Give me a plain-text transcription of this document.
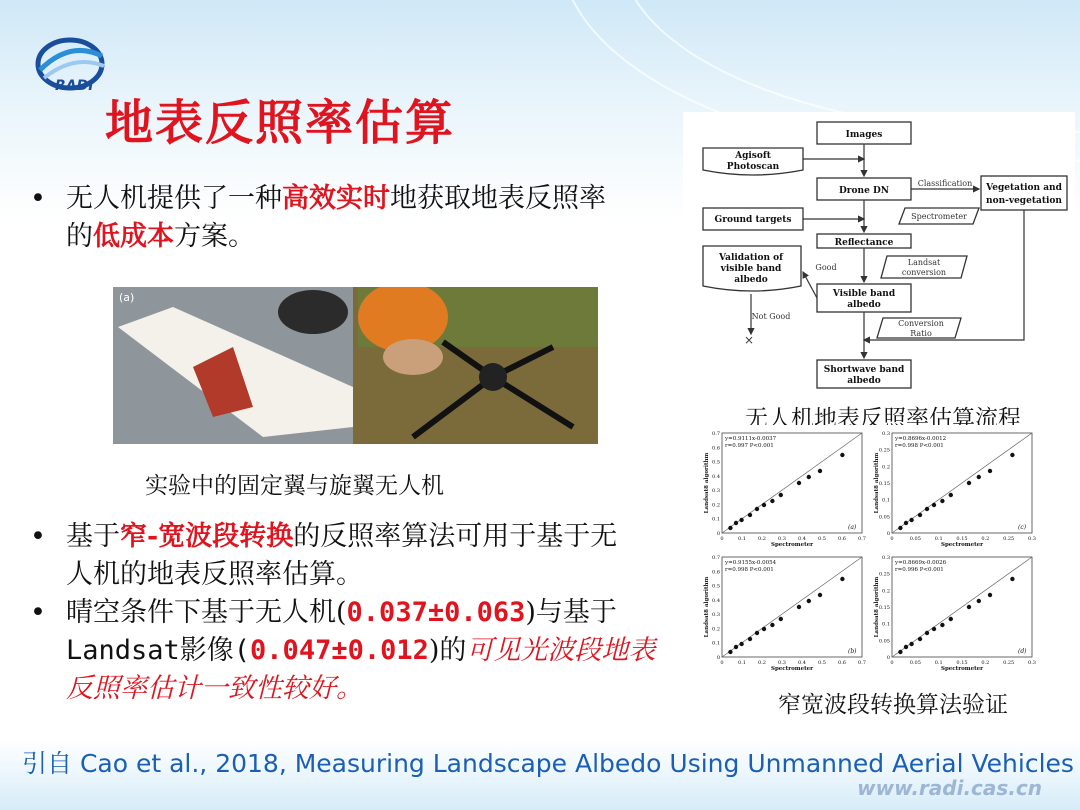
RADI
地表反照率估算
• 无人机提供了一种高效实时地获取地表反照率
的低成本方案。
(a)
实验中的固定翼与旋翼无人机
• 基于窄-宽波段转换的反照率算法可用于基于无
人机的地表反照率估算。
• 晴空条件下基于无人机(0.037±0.063)与基于
Landsat影像(0.047±0.012)的可见光波段地表
反照率估计一致性较好。
Images
Agisoft
Photoscan
Drone DN	Vegetation and
non-vegetation
Ground targets
Reflectance
Validation of
visible band
albedo
Visible band
albedo
Shortwave band
albedo
Classification
Spectrometer
Good
Landsat
conversion
Conversion
Ratio
Not Good
×
无人机地表反照率估算流程
y=0.9111x-0.0037
r=0.997 P<0.001
(a)
0	0.1 0.2 0.3 0.4 0.5 0.6 0.7
0
0.1
0.2
0.3
0.4
0.5
0.6
0.7
Spectrometer
Landsat8 algorithm
y=0.8696x-0.0012
r=0.998 P<0.001
(c)
0	0.05	0.1	0.15	0.2	0.25	0.3
0
0.05
0.1
0.15
0.2
0.25
0.3
Spectrometer
Landsat8 algorithm
y=0.9155x-0.0054
r=0.998 P<0.001
(b)
0	0.1 0.2 0.3 0.4 0.5 0.6 0.7
0
0.1
0.2
0.3
0.4
0.5
0.6
0.7
Spectrometer
Landsat8 algorithm
y=0.8669x-0.0026
r=0.996 P<0.001
(d)
0	0.05	0.1	0.15	0.2	0.25	0.3
0
0.05
0.1
0.15
0.2
0.25
0.3
Spectrometer
Landsat8 algorithm
窄宽波段转换算法验证
引自 Cao et al., 2018, Measuring Landscape Albedo Using Unmanned Aerial Vehicles
www.radi.cas.cn
